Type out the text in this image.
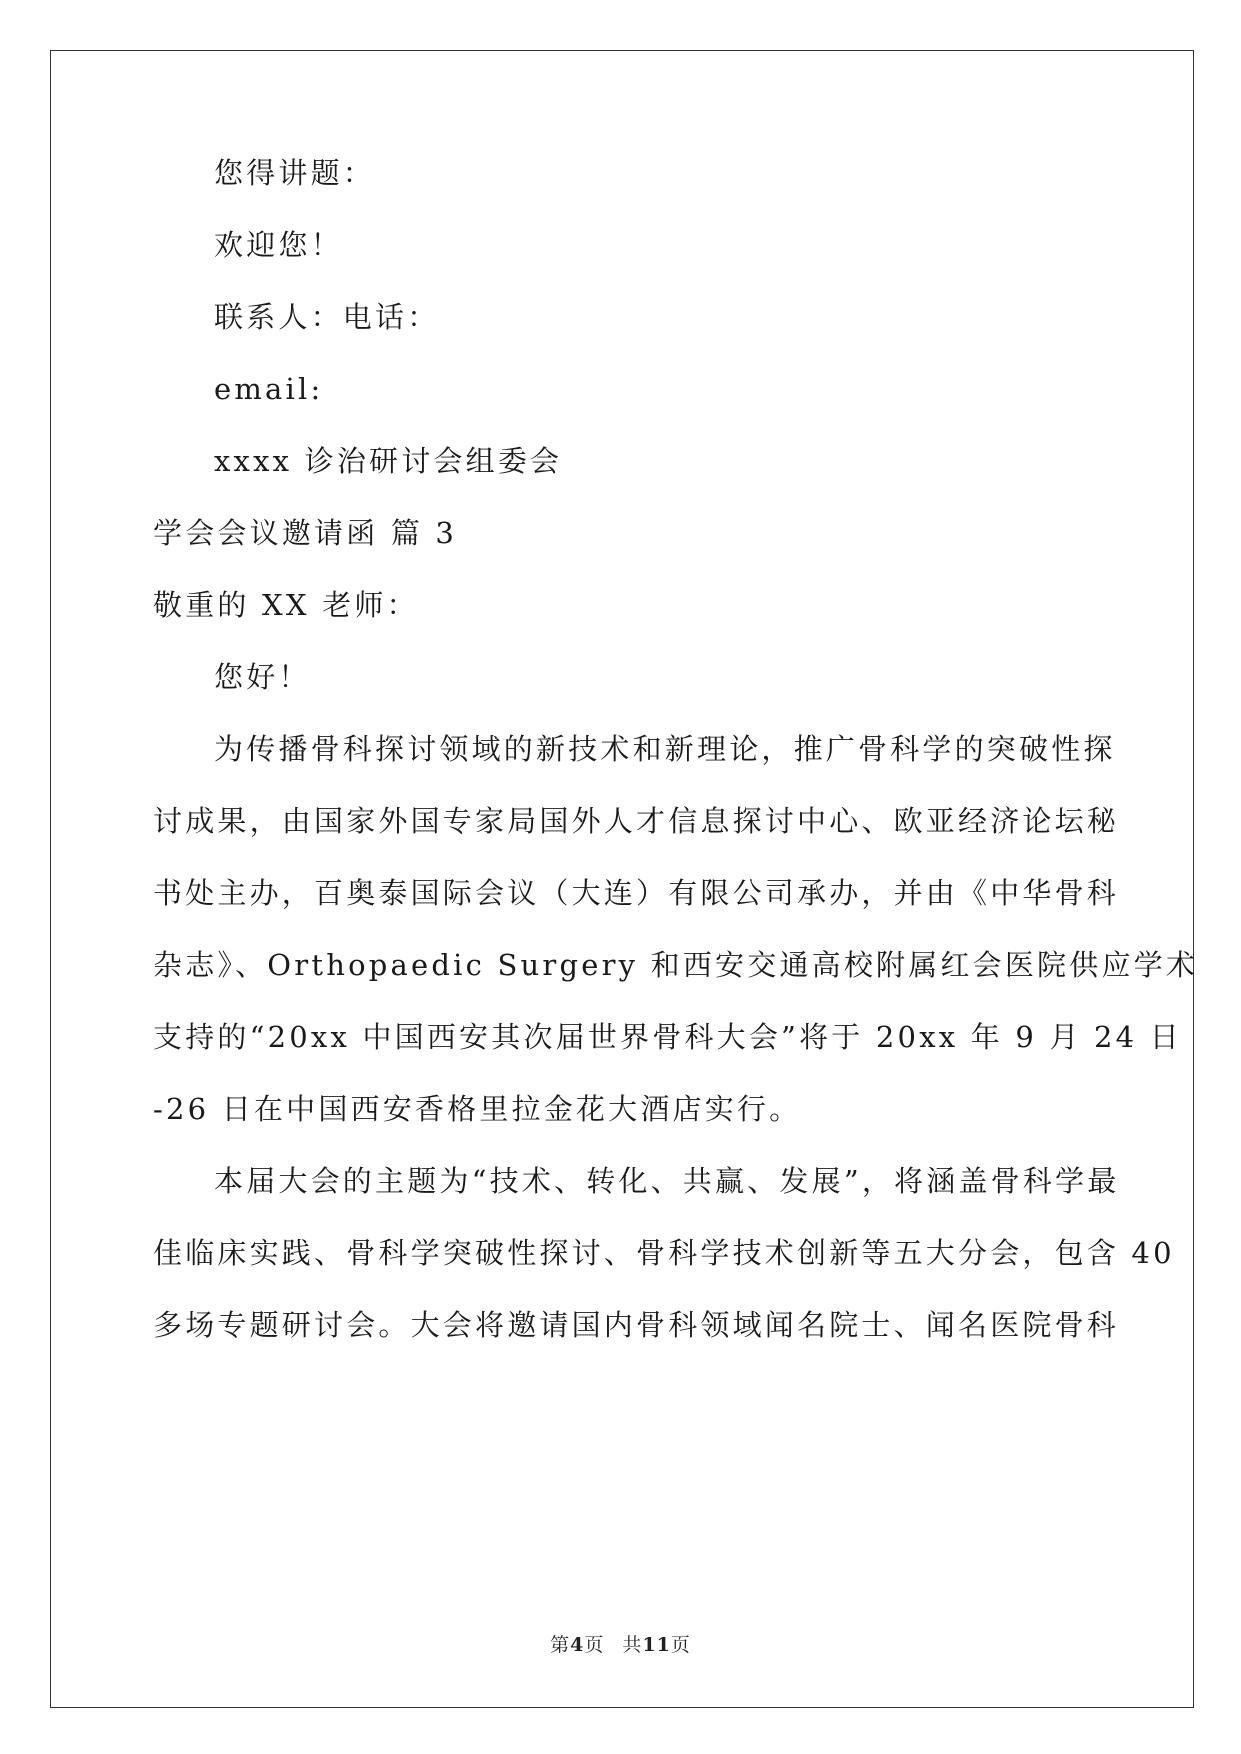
您得讲题：
欢迎您！
联系人：电话：
email:
xxxx 诊治研讨会组委会
学会会议邀请函 篇 3
敬重的 XX 老师：
您好！
为传播骨科探讨领域的新技术和新理论，推广骨科学的突破性探
讨成果，由国家外国专家局国外人才信息探讨中心、欧亚经济论坛秘
书处主办，百奥泰国际会议（大连）有限公司承办，并由《中华骨科
杂志》、Orthopaedic Surgery 和西安交通高校附属红会医院供应学术
支持的“20xx 中国西安其次届世界骨科大会”将于 20xx 年 9 月 24 日
-26 日在中国西安香格里拉金花大酒店实行。
本届大会的主题为“技术、转化、共赢、发展”，将涵盖骨科学最
佳临床实践、骨科学突破性探讨、骨科学技术创新等五大分会，包含 40
多场专题研讨会。大会将邀请国内骨科领域闻名院士、闻名医院骨科
第4页 共11页
